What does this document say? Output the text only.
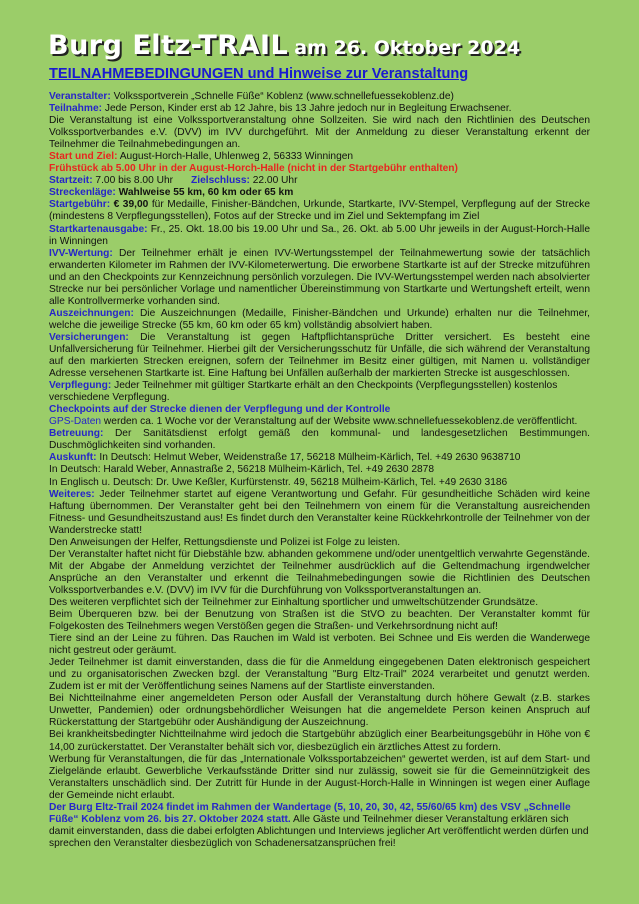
Burg Eltz-TRAIL am 26. Oktober 2024
TEILNAHMEBEDINGUNGEN und Hinweise zur Veranstaltung

Veranstalter: Volkssportverein „Schnelle Füße“ Koblenz (www.schnellefuessekoblenz.de)

Teilnahme: Jede Person, Kinder erst ab 12 Jahre, bis 13 Jahre jedoch nur in Begleitung Erwachsener.

Die Veranstaltung ist eine Volkssportveranstaltung ohne Sollzeiten. Sie wird nach den Richtlinien des Deutschen Volkssportverbandes e.V. (DVV) im IVV durchgeführt. Mit der Anmeldung zu dieser Veranstaltung erkennt der Teilnehmer die Teilnahmebedingungen an.

Start und Ziel: August-Horch-Halle, Uhlenweg 2, 56333 Winningen

Frühstück ab 5.00 Uhr in der August-Horch-Halle (nicht in der Startgebühr enthalten)

Startzeit: 7.00 bis 8.00 Uhr Zielschluss: 22.00 Uhr

Streckenläge: Wahlweise 55 km, 60 km oder 65 km

Startgebühr: € 39,00 für Medaille, Finisher-Bändchen, Urkunde, Startkarte, IVV-Stempel, Verpflegung auf der Strecke (mindestens 8 Verpflegungsstellen), Fotos auf der Strecke und im Ziel und Sektempfang im Ziel

Startkartenausgabe: Fr., 25. Okt. 18.00 bis 19.00 Uhr und Sa., 26. Okt. ab 5.00 Uhr jeweils in der August-Horch-Halle in Winningen

IVV-Wertung: Der Teilnehmer erhält je einen IVV-Wertungsstempel der Teilnahmewertung sowie der tatsächlich erwanderten Kilometer im Rahmen der IVV-Kilometerwertung. Die erworbene Startkarte ist auf der Strecke mitzuführen und an den Checkpoints zur Kennzeichnung persönlich vorzulegen. Die IVV-Wertungsstempel werden nach absolvierter Strecke nur bei persönlicher Vorlage und namentlicher Übereinstimmung von Startkarte und Wertungsheft erteilt, wenn alle Kontrollvermerke vorhanden sind.

Auszeichnungen: Die Auszeichnungen (Medaille, Finisher-Bändchen und Urkunde) erhalten nur die Teilnehmer, welche die jeweilige Strecke (55 km, 60 km oder 65 km) vollständig absolviert haben.

Versicherungen: Die Veranstaltung ist gegen Haftpflichtansprüche Dritter versichert. Es besteht eine Unfallversicherung für Teilnehmer. Hierbei gilt der Versicherungsschutz für Unfälle, die sich während der Veranstaltung auf den markierten Strecken ereignen, sofern der Teilnehmer im Besitz einer gültigen, mit Namen u. vollständiger Adresse versehenen Startkarte ist. Eine Haftung bei Unfällen außerhalb der markierten Strecke ist ausgeschlossen.

Verpflegung: Jeder Teilnehmer mit gültiger Startkarte erhält an den Checkpoints (Verpflegungsstellen) kostenlos verschiedene Verpflegung.

Checkpoints auf der Strecke dienen der Verpflegung und der Kontrolle

GPS-Daten werden ca. 1 Woche vor der Veranstaltung auf der Website www.schnellefuessekoblenz.de veröffentlicht.

Betreuung: Der Sanitätsdienst erfolgt gemäß den kommunal- und landesgesetzlichen Bestimmungen. Duschmöglichkeiten sind vorhanden.

Auskunft: In Deutsch: Helmut Weber, Weidenstraße 17, 56218 Mülheim-Kärlich, Tel. +49 2630 9638710

In Deutsch: Harald Weber, Annastraße 2, 56218 Mülheim-Kärlich, Tel. +49 2630 2878

In Englisch u. Deutsch: Dr. Uwe Keßler, Kurfürstenstr. 49, 56218 Mülheim-Kärlich, Tel. +49 2630 3186

Weiteres: Jeder Teilnehmer startet auf eigene Verantwortung und Gefahr. Für gesundheitliche Schäden wird keine Haftung übernommen. Der Veranstalter geht bei den Teilnehmern von einem für die Veranstaltung ausreichenden Fitness- und Gesundheitszustand aus! Es findet durch den Veranstalter keine Rückkehrkontrolle der Teilnehmer von der Wanderstrecke statt!

Den Anweisungen der Helfer, Rettungsdienste und Polizei ist Folge zu leisten.

Der Veranstalter haftet nicht für Diebstähle bzw. abhanden gekommene und/oder unentgeltlich verwahrte Gegenstände. Mit der Abgabe der Anmeldung verzichtet der Teilnehmer ausdrücklich auf die Geltendmachung irgendwelcher Ansprüche an den Veranstalter und erkennt die Teilnahmebedingungen sowie die Richtlinien des Deutschen Volkssportverbandes e.V. (DVV) im IVV für die Durchführung von Volkssportveranstaltungen an.

Des weiteren verpflichtet sich der Teilnehmer zur Einhaltung sportlicher und umweltschützender Grundsätze.

Beim Überqueren bzw. bei der Benutzung von Straßen ist die StVO zu beachten. Der Veranstalter kommt für Folgekosten des Teilnehmers wegen Verstößen gegen die Straßen- und Verkehrsordnung nicht auf!

Tiere sind an der Leine zu führen. Das Rauchen im Wald ist verboten. Bei Schnee und Eis werden die Wanderwege nicht gestreut oder geräumt.

Jeder Teilnehmer ist damit einverstanden, dass die für die Anmeldung eingegebenen Daten elektronisch gespeichert und zu organisatorischen Zwecken bzgl. der Veranstaltung "Burg Eltz-Trail" 2024 verarbeitet und genutzt werden. Zudem ist er mit der Veröffentlichung seines Namens auf der Startliste einverstanden.

Bei Nichtteilnahme einer angemeldeten Person oder Ausfall der Veranstaltung durch höhere Gewalt (z.B. starkes Unwetter, Pandemien) oder ordnungsbehördlicher Weisungen hat die angemeldete Person keinen Anspruch auf Rückerstattung der Startgebühr oder Aushändigung der Auszeichnung.

Bei krankheitsbedingter Nichtteilnahme wird jedoch die Startgebühr abzüglich einer Bearbeitungsgebühr in Höhe von € 14,00 zurückerstattet. Der Veranstalter behält sich vor, diesbezüglich ein ärztliches Attest zu fordern.

Werbung für Veranstaltungen, die für das „Internationale Volkssportabzeichen“ gewertet werden, ist auf dem Start- und Zielgelände erlaubt. Gewerbliche Verkaufsstände Dritter sind nur zulässig, soweit sie für die Gemeinnützigkeit des Veranstalters unschädlich sind. Der Zutritt für Hunde in der August-Horch-Halle in Winningen ist wegen einer Auflage der Gemeinde nicht erlaubt.

Der Burg Eltz-Trail 2024 findet im Rahmen der Wandertage (5, 10, 20, 30, 42, 55/60/65 km) des VSV „Schnelle Füße“ Koblenz vom 26. bis 27. Oktober 2024 statt. Alle Gäste und Teilnehmer dieser Veranstaltung erklären sich damit einverstanden, dass die dabei erfolgten Ablichtungen und Interviews jeglicher Art veröffentlicht werden dürfen und sprechen den Veranstalter diesbezüglich von Schadenersatzansprüchen frei!
